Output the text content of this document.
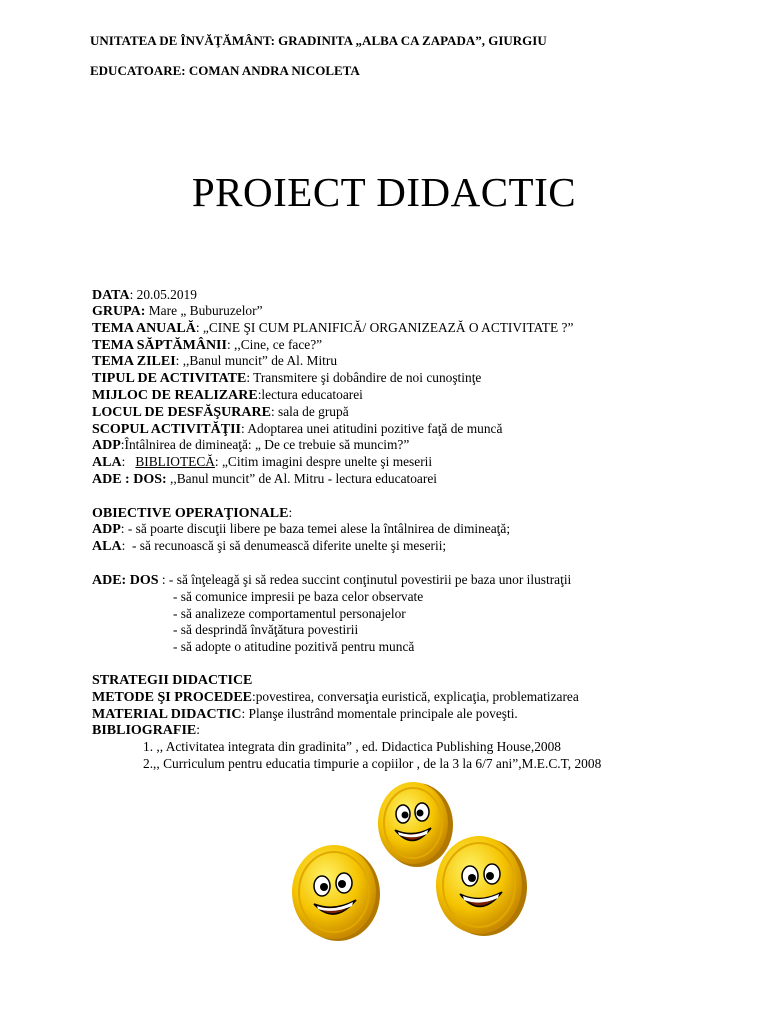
UNITATEA DE ÎNVĂŢĂMÂNT: GRADINITA „ALBA CA ZAPADA”, GIURGIU
EDUCATOARE: COMAN ANDRA NICOLETA
PROIECT DIDACTIC
DATA: 20.05.2019
GRUPA: Mare „ Buburuzelor”
TEMA ANUALĂ: „CINE ŞI CUM PLANIFICĂ/ ORGANIZEAZĂ O ACTIVITATE ?”
TEMA SĂPTĂMÂNII: ,,Cine, ce face?”
TEMA ZILEI: ,,Banul muncit” de Al. Mitru
TIPUL DE ACTIVITATE: Transmitere şi dobândire de noi cunoştinţe
MIJLOC DE REALIZARE:lectura educatoarei
LOCUL DE DESFĂŞURARE: sala de grupă
SCOPUL ACTIVITĂŢII: Adoptarea unei atitudini pozitive faţă de muncă
ADP:Întâlnirea de dimineaţă: „ De ce trebuie să muncim?”
ALA:   BIBLIOTECĂ: „Citim imagini despre unelte şi meserii
ADE : DOS: ,,Banul muncit” de Al. Mitru - lectura educatoarei
OBIECTIVE OPERAŢIONALE:
ADP: - să poarte discuţii libere pe baza temei alese la întâlnirea de dimineaţă;
ALA:  - să recunoască şi să denumească diferite unelte şi meserii;
ADE: DOS : - să înţeleagă şi să redea succint conţinutul povestirii pe baza unor ilustraţii
- să comunice impresii pe baza celor observate
- să analizeze comportamentul personajelor
- să desprindă învăţătura povestirii
- să adopte o atitudine pozitivă pentru muncă
STRATEGII DIDACTICE
METODE ŞI PROCEDEE:povestirea, conversaţia euristică, explicaţia, problematizarea
MATERIAL DIDACTIC: Planşe ilustrând momentale principale ale poveşti.
BIBLIOGRAFIE:
1. ,, Activitatea integrata din gradinita” , ed. Didactica Publishing House,2008
2.,, Curriculum pentru educatia timpurie a copiilor , de la 3 la 6/7 ani”,M.E.C.T, 2008
